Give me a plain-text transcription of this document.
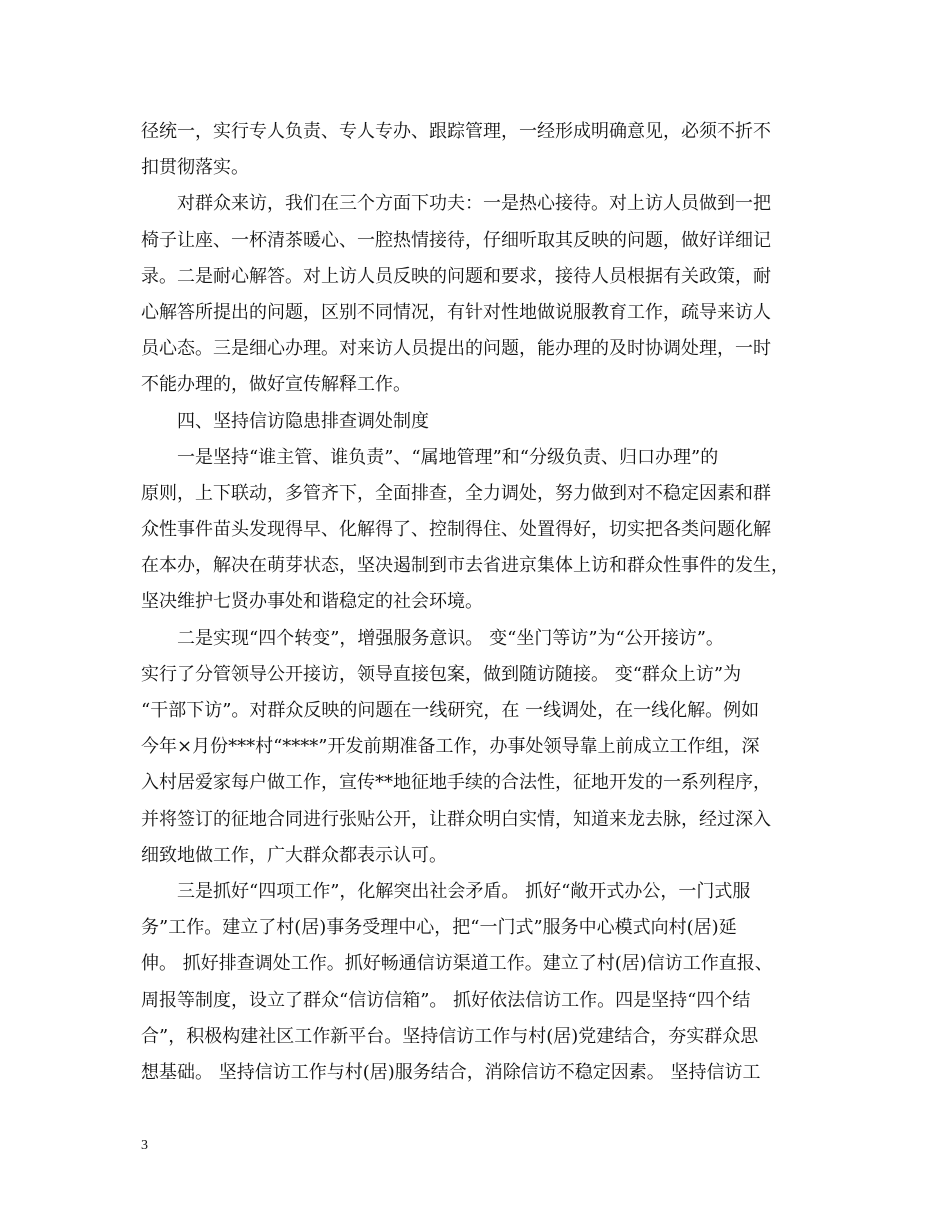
径统一，实行专人负责、专人专办、跟踪管理，一经形成明确意见，必须不折不
扣贯彻落实。
对群众来访，我们在三个方面下功夫：一是热心接待。对上访人员做到一把
椅子让座、一杯清茶暖心、一腔热情接待，仔细听取其反映的问题，做好详细记
录。二是耐心解答。对上访人员反映的问题和要求，接待人员根据有关政策，耐
心解答所提出的问题，区别不同情况，有针对性地做说服教育工作，疏导来访人
员心态。三是细心办理。对来访人员提出的问题，能办理的及时协调处理，一时
不能办理的，做好宣传解释工作。
四、坚持信访隐患排查调处制度
一是坚持“谁主管、谁负责”、“属地管理”和“分级负责、归口办理”的
原则，上下联动，多管齐下，全面排查，全力调处，努力做到对不稳定因素和群
众性事件苗头发现得早、化解得了、控制得住、处置得好，切实把各类问题化解
在本办，解决在萌芽状态，坚决遏制到市去省进京集体上访和群众性事件的发生，
坚决维护七贤办事处和谐稳定的社会环境。
二是实现“四个转变”，增强服务意识。 变“坐门等访”为“公开接访”。
实行了分管领导公开接访，领导直接包案，做到随访随接。 变“群众上访”为
“干部下访”。对群众反映的问题在一线研究，在 一线调处，在一线化解。例如
今年×月份***村“****”开发前期准备工作，办事处领导靠上前成立工作组，深
入村居爱家每户做工作，宣传**地征地手续的合法性，征地开发的一系列程序，
并将签订的征地合同进行张贴公开，让群众明白实情，知道来龙去脉，经过深入
细致地做工作，广大群众都表示认可。
三是抓好“四项工作”，化解突出社会矛盾。 抓好“敞开式办公，一门式服
务”工作。建立了村(居)事务受理中心，把“一门式”服务中心模式向村(居)延
伸。 抓好排查调处工作。抓好畅通信访渠道工作。建立了村(居)信访工作直报、
周报等制度，设立了群众“信访信箱”。 抓好依法信访工作。四是坚持“四个结
合”，积极构建社区工作新平台。坚持信访工作与村(居)党建结合，夯实群众思
想基础。 坚持信访工作与村(居)服务结合，消除信访不稳定因素。 坚持信访工
3
